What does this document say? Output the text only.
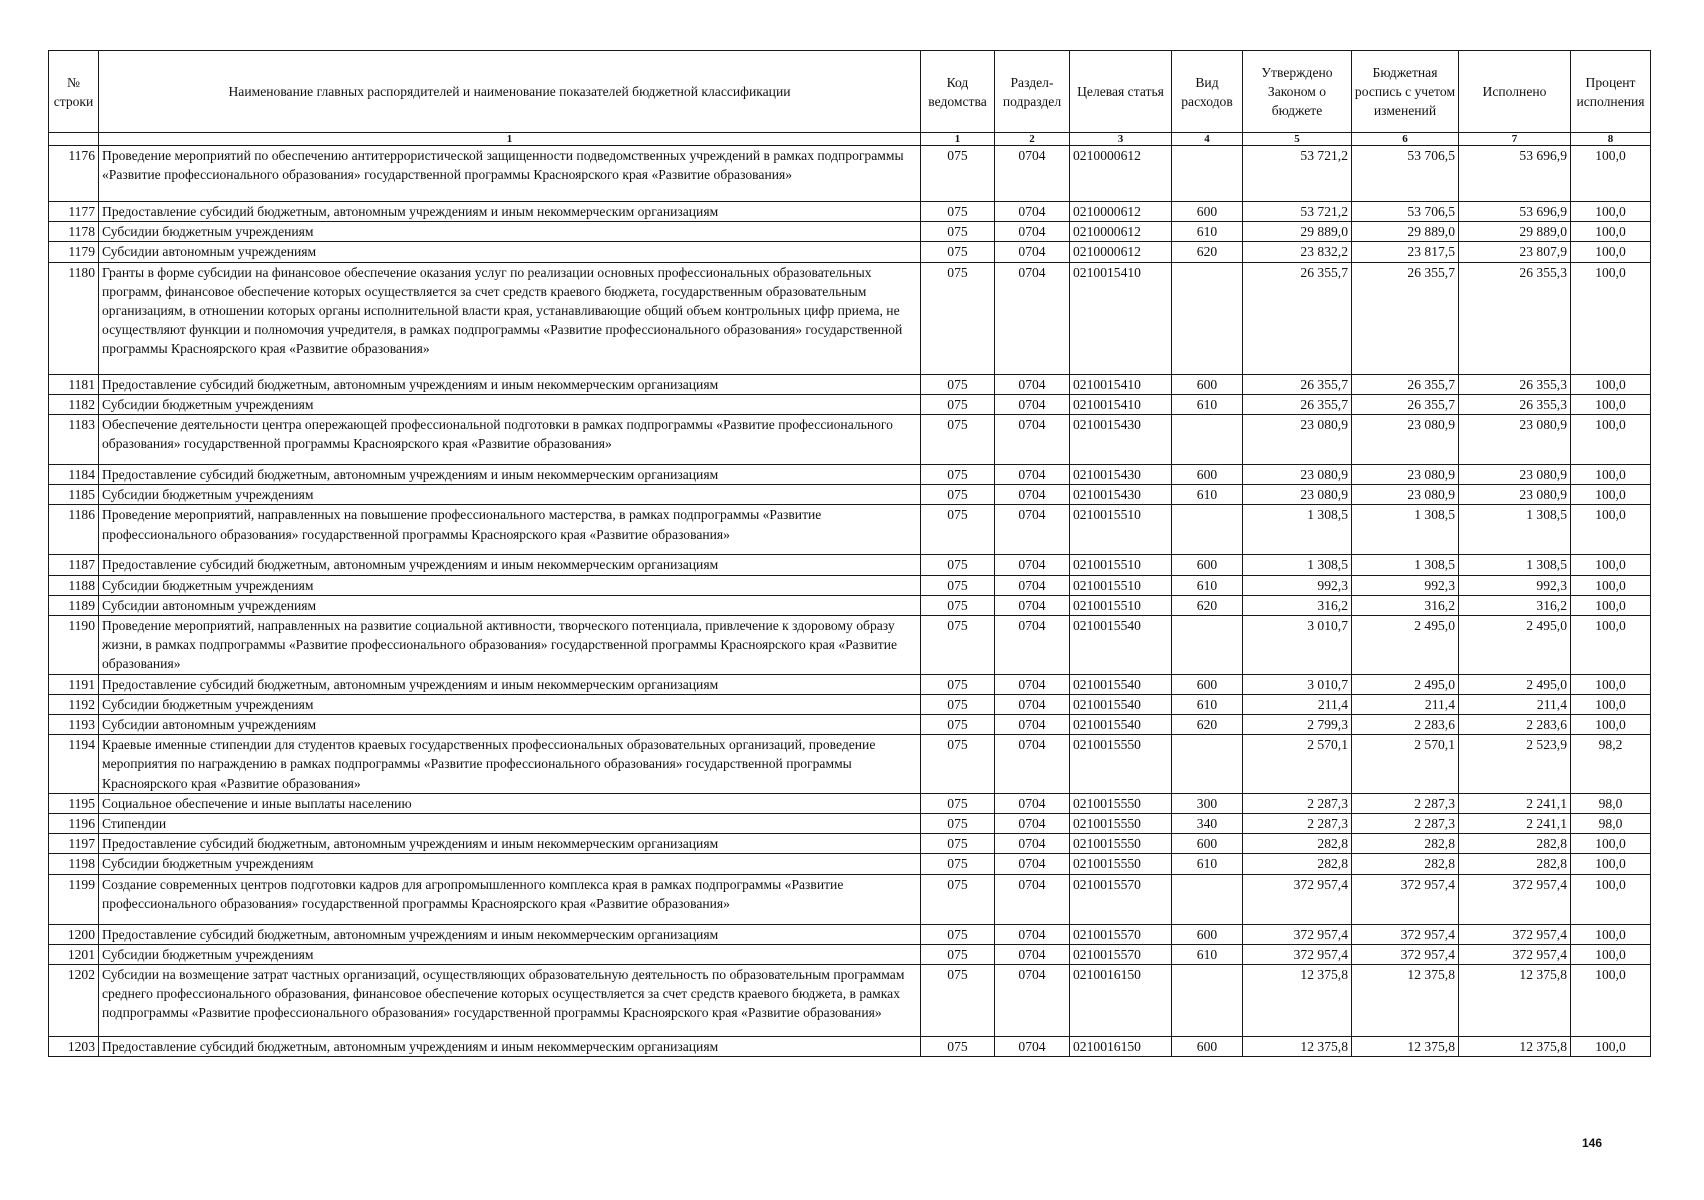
№ строки	Наименование главных распорядителей и наименование показателей бюджетной классификации	Код ведомства	Раздел-подраздел	Целевая статья	Вид расходов	Утверждено Законом о бюджете	Бюджетная роспись с учетом изменений	Исполнено	Процент исполнения
	1	1	2	3	4	5	6	7	8
1176	Проведение мероприятий по обеспечению антитеррористической защищенности подведомственных учреждений в рамках подпрограммы «Развитие профессионального образования» государственной программы Красноярского края «Развитие образования»	075	0704	0210000612		53 721,2	53 706,5	53 696,9	100,0
1177	Предоставление субсидий бюджетным, автономным учреждениям и иным некоммерческим организациям	075	0704	0210000612	600	53 721,2	53 706,5	53 696,9	100,0
1178	Субсидии бюджетным учреждениям	075	0704	0210000612	610	29 889,0	29 889,0	29 889,0	100,0
1179	Субсидии автономным учреждениям	075	0704	0210000612	620	23 832,2	23 817,5	23 807,9	100,0
1180	Гранты в форме субсидии на финансовое обеспечение оказания услуг по реализации основных профессиональных образовательных программ, финансовое обеспечение которых осуществляется за счет средств краевого бюджета, государственным образовательным организациям, в отношении которых органы исполнительной власти края, устанавливающие общий объем контрольных цифр приема, не осуществляют функции и полномочия учредителя, в рамках подпрограммы «Развитие профессионального образования» государственной программы Красноярского края «Развитие образования»	075	0704	0210015410		26 355,7	26 355,7	26 355,3	100,0
1181	Предоставление субсидий бюджетным, автономным учреждениям и иным некоммерческим организациям	075	0704	0210015410	600	26 355,7	26 355,7	26 355,3	100,0
1182	Субсидии бюджетным учреждениям	075	0704	0210015410	610	26 355,7	26 355,7	26 355,3	100,0
1183	Обеспечение деятельности центра опережающей профессиональной подготовки в рамках подпрограммы «Развитие профессионального образования» государственной программы Красноярского края «Развитие образования»	075	0704	0210015430		23 080,9	23 080,9	23 080,9	100,0
1184	Предоставление субсидий бюджетным, автономным учреждениям и иным некоммерческим организациям	075	0704	0210015430	600	23 080,9	23 080,9	23 080,9	100,0
1185	Субсидии бюджетным учреждениям	075	0704	0210015430	610	23 080,9	23 080,9	23 080,9	100,0
1186	Проведение мероприятий, направленных на повышение профессионального мастерства, в рамках подпрограммы «Развитие профессионального образования» государственной программы Красноярского края «Развитие образования»	075	0704	0210015510		1 308,5	1 308,5	1 308,5	100,0
1187	Предоставление субсидий бюджетным, автономным учреждениям и иным некоммерческим организациям	075	0704	0210015510	600	1 308,5	1 308,5	1 308,5	100,0
1188	Субсидии бюджетным учреждениям	075	0704	0210015510	610	992,3	992,3	992,3	100,0
1189	Субсидии автономным учреждениям	075	0704	0210015510	620	316,2	316,2	316,2	100,0
1190	Проведение мероприятий, направленных на развитие социальной активности, творческого потенциала, привлечение к здоровому образу жизни, в рамках подпрограммы «Развитие профессионального образования» государственной программы Красноярского края «Развитие образования»	075	0704	0210015540		3 010,7	2 495,0	2 495,0	100,0
1191	Предоставление субсидий бюджетным, автономным учреждениям и иным некоммерческим организациям	075	0704	0210015540	600	3 010,7	2 495,0	2 495,0	100,0
1192	Субсидии бюджетным учреждениям	075	0704	0210015540	610	211,4	211,4	211,4	100,0
1193	Субсидии автономным учреждениям	075	0704	0210015540	620	2 799,3	2 283,6	2 283,6	100,0
1194	Краевые именные стипендии для студентов краевых государственных профессиональных образовательных организаций, проведение мероприятия по награждению в рамках подпрограммы «Развитие профессионального образования» государственной программы Красноярского края «Развитие образования»	075	0704	0210015550		2 570,1	2 570,1	2 523,9	98,2
1195	Социальное обеспечение и иные выплаты населению	075	0704	0210015550	300	2 287,3	2 287,3	2 241,1	98,0
1196	Стипендии	075	0704	0210015550	340	2 287,3	2 287,3	2 241,1	98,0
1197	Предоставление субсидий бюджетным, автономным учреждениям и иным некоммерческим организациям	075	0704	0210015550	600	282,8	282,8	282,8	100,0
1198	Субсидии бюджетным учреждениям	075	0704	0210015550	610	282,8	282,8	282,8	100,0
1199	Создание современных центров подготовки кадров для агропромышленного комплекса края в рамках подпрограммы «Развитие профессионального образования» государственной программы Красноярского края «Развитие образования»	075	0704	0210015570		372 957,4	372 957,4	372 957,4	100,0
1200	Предоставление субсидий бюджетным, автономным учреждениям и иным некоммерческим организациям	075	0704	0210015570	600	372 957,4	372 957,4	372 957,4	100,0
1201	Субсидии бюджетным учреждениям	075	0704	0210015570	610	372 957,4	372 957,4	372 957,4	100,0
1202	Субсидии на возмещение затрат частных организаций, осуществляющих образовательную деятельность по образовательным программам среднего профессионального образования, финансовое обеспечение которых осуществляется за счет средств краевого бюджета, в рамках подпрограммы «Развитие профессионального образования» государственной программы Красноярского края «Развитие образования»	075	0704	0210016150		12 375,8	12 375,8	12 375,8	100,0
1203	Предоставление субсидий бюджетным, автономным учреждениям и иным некоммерческим организациям	075	0704	0210016150	600	12 375,8	12 375,8	12 375,8	100,0
146
